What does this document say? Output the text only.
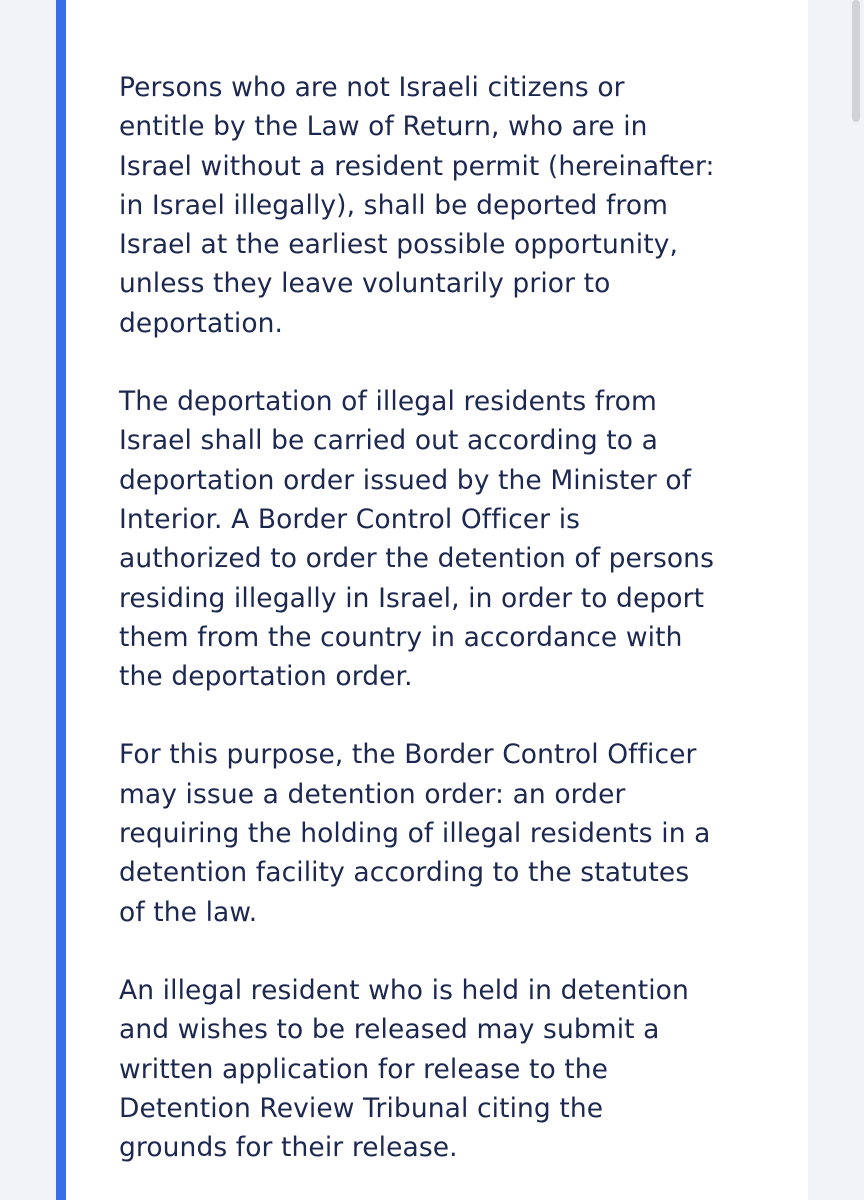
Persons who are not Israeli citizens or
entitle by the Law of Return, who are in
Israel without a resident permit (hereinafter:
in Israel illegally), shall be deported from
Israel at the earliest possible opportunity,
unless they leave voluntarily prior to
deportation.

The deportation of illegal residents from
Israel shall be carried out according to a
deportation order issued by the Minister of
Interior. A Border Control Officer is
authorized to order the detention of persons
residing illegally in Israel, in order to deport
them from the country in accordance with
the deportation order.

For this purpose, the Border Control Officer
may issue a detention order: an order
requiring the holding of illegal residents in a
detention facility according to the statutes
of the law.

An illegal resident who is held in detention
and wishes to be released may submit a
written application for release to the
Detention Review Tribunal citing the
grounds for their release.
